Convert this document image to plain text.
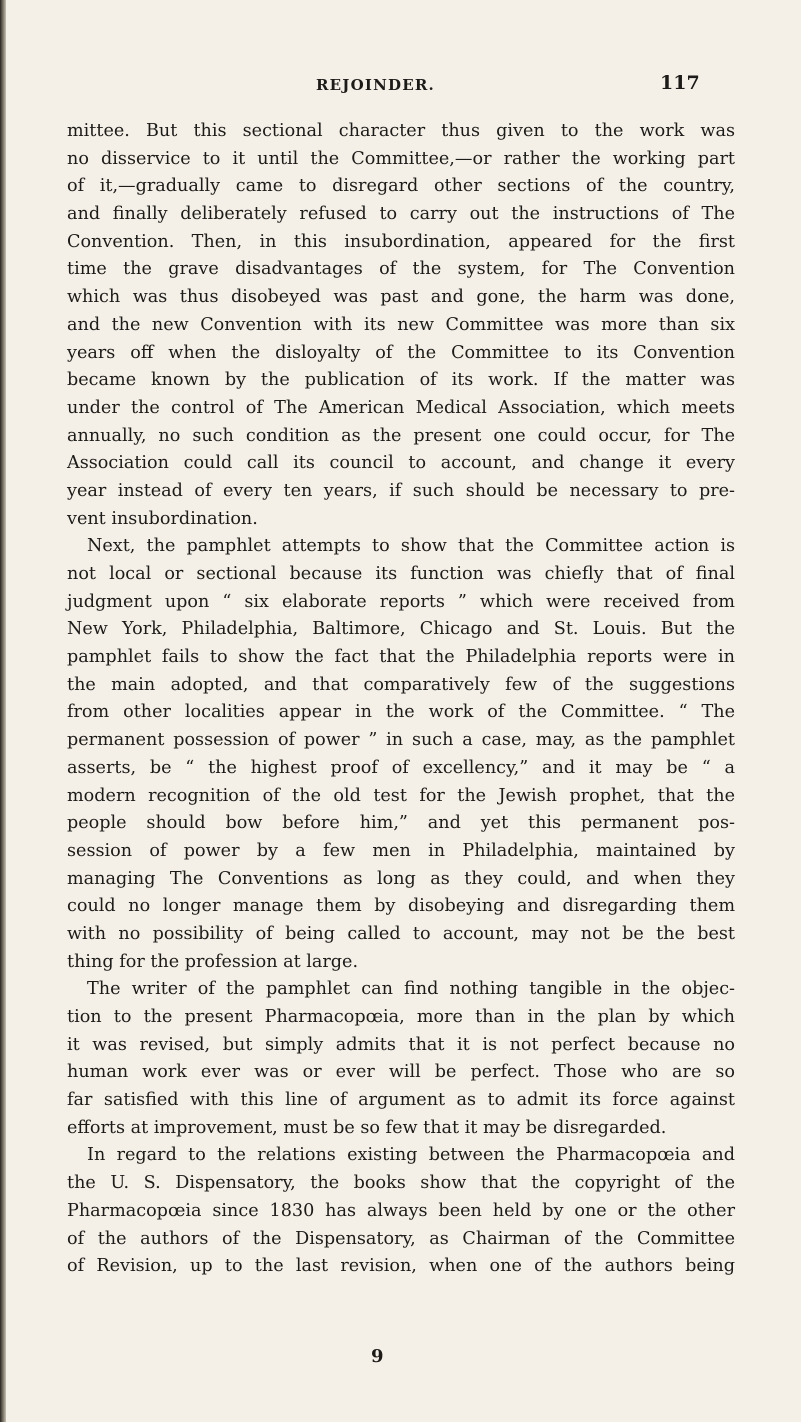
REJOINDER.	117
mittee. But this sectional character thus given to the work was
no disservice to it until the Committee,—or rather the working part
of it,—gradually came to disregard other sections of the country,
and finally deliberately refused to carry out the instructions of The
Convention. Then, in this insubordination, appeared for the first
time the grave disadvantages of the system, for The Convention
which was thus disobeyed was past and gone, the harm was done,
and the new Convention with its new Committee was more than six
years off when the disloyalty of the Committee to its Convention
became known by the publication of its work. If the matter was
under the control of The American Medical Association, which meets
annually, no such condition as the present one could occur, for The
Association could call its council to account, and change it every
year instead of every ten years, if such should be necessary to pre-
vent insubordination.
Next, the pamphlet attempts to show that the Committee action is
not local or sectional because its function was chiefly that of final
judgment upon “ six elaborate reports ” which were received from
New York, Philadelphia, Baltimore, Chicago and St. Louis. But the
pamphlet fails to show the fact that the Philadelphia reports were in
the main adopted, and that comparatively few of the suggestions
from other localities appear in the work of the Committee. “ The
permanent possession of power ” in such a case, may, as the pamphlet
asserts, be “ the highest proof of excellency,” and it may be “ a
modern recognition of the old test for the Jewish prophet, that the
people should bow before him,” and yet this permanent pos-
session of power by a few men in Philadelphia, maintained by
managing The Conventions as long as they could, and when they
could no longer manage them by disobeying and disregarding them
with no possibility of being called to account, may not be the best
thing for the profession at large.
The writer of the pamphlet can find nothing tangible in the objec-
tion to the present Pharmacopœia, more than in the plan by which
it was revised, but simply admits that it is not perfect because no
human work ever was or ever will be perfect. Those who are so
far satisfied with this line of argument as to admit its force against
efforts at improvement, must be so few that it may be disregarded.
In regard to the relations existing between the Pharmacopœia and
the U. S. Dispensatory, the books show that the copyright of the
Pharmacopœia since 1830 has always been held by one or the other
of the authors of the Dispensatory, as Chairman of the Committee
of Revision, up to the last revision, when one of the authors being
9
